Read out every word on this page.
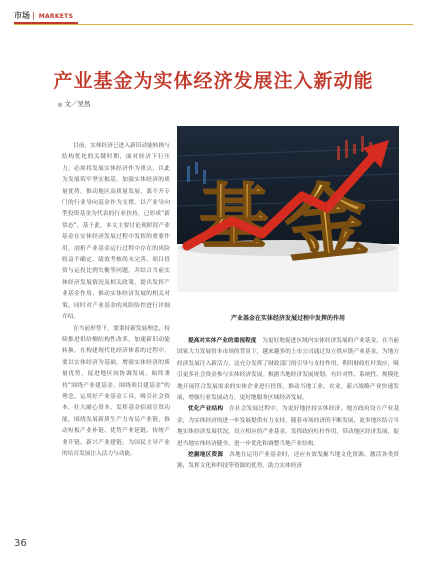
市场 | MARKETS
产业基金为实体经济发展注入新动能
◎ 文／吴然

目前，实体经济已进入新旧动能转换与结构优化的关键时期，面对经济下行压力，必须将发展实体经济作为重点，以此为发展筑牢坚实根基。加强实体经济的质量优势，推动地区高质量发展，离不开专门的行业导向基金作为支撑。以产业导向型投资基金为代表的行业扶持，已形成“新常态”，基于此，本文主要讨论现阶段产业基金在实体经济发展过程中发挥的重要作用，剖析产业基金运行过程中存在的风险收益不确定、绩效考核尚未完善、项目投资与运投比例失衡等问题，并结合当前实体经济发展情况及相关政策，提出发挥产业基金作用、推动实体经济发展的相关对策，同时对产业基金的风险防控进行详细介绍。

在当前形势下，要秉持新发展理念，持续推进供给侧结构性改革，加速新旧动能转换。在构建现代化经济体系的过程中，要以实体经济为基础，增强实体经济的质量优势，促进地区间协调发展。始终秉持“围绕产业建基金、围绕项目建基金”的理念，运用好产业基金工具，吸引社会资本，壮大耐心资本，发挥基金招商引资功能，围绕发展新质生产力布局产业链，推动短板产业补链、优势产业延链、传统产业升链、新兴产业建链，为国民主导产业的培育发展注入活力与动能。

基 金
产业基金在实体经济发展过程中发挥的作用

提高对实体产业的重视程度　 为更好地促进区域内实体经济发展的产业基金，在当前国家大力发展资本市场的背景下，越来越多的上市公司通过设立供应链产业基金，为地方经济发展注入新活力，这充分发挥了财政部门的引导与支持作用，利用财政杠杆效应，吸引更多社会资金参与实体经济发展。根据当地经济发展规划，有针对性、系统性、规模化地开展符合发展需求的实体企业进行投资，推动当地工业、农业、新兴战略产业快速发展，增强行业发展动力，更好地服务区域经济发展。

优化产业结构　 在社会发展过程中，为更好地扶持实体经济，地方政府设立产业基金，为实体经济的进一步发展提供有力支持，随着市场经济的不断发展，更多地区结合当地实体经济发展状况，设立相应的产业基金，发挥政府杠杆作用，带动地区经济发展，促进当地实体经济健全、进一步优化和调整当地产业结构。

挖掘地区资源　 各地在运用产业基金时，还应有效发掘当地文化资源、激活各类资源，发挥文化和科技等资源的优势，助力实体经济

36
